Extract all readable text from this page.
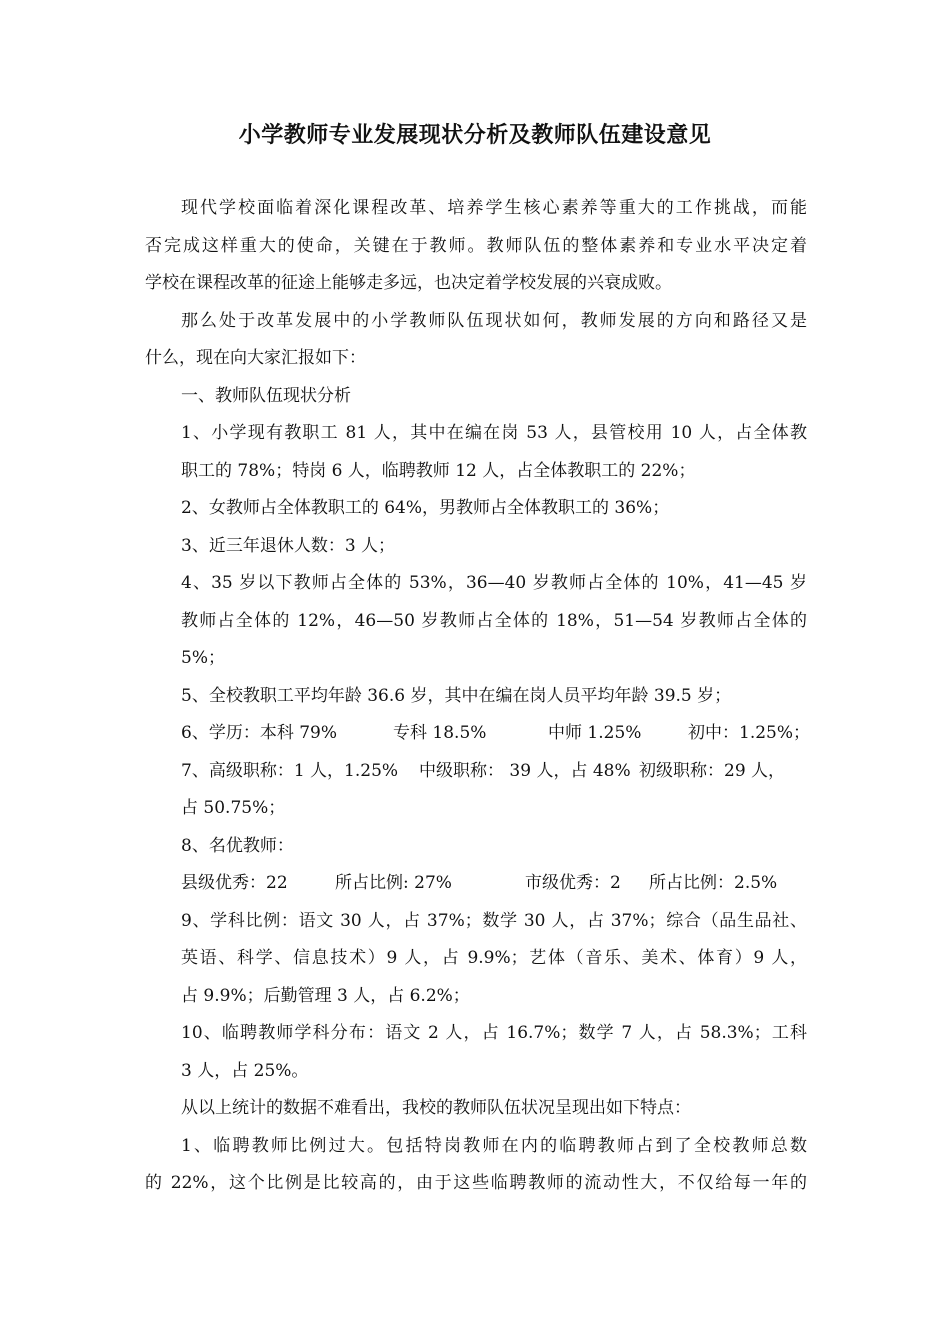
小学教师专业发展现状分析及教师队伍建设意见
现代学校面临着深化课程改革、培养学生核心素养等重大的工作挑战，而能
否完成这样重大的使命，关键在于教师。教师队伍的整体素养和专业水平决定着
学校在课程改革的征途上能够走多远，也决定着学校发展的兴衰成败。
那么处于改革发展中的小学教师队伍现状如何，教师发展的方向和路径又是
什么，现在向大家汇报如下：
一、教师队伍现状分析
1、小学现有教职工 81 人，其中在编在岗 53 人，县管校用 10 人，占全体教
职工的 78%；特岗 6 人，临聘教师 12 人，占全体教职工的 22%；
2、女教师占全体教职工的 64%，男教师占全体教职工的 36%；
3、近三年退休人数：3 人；
4、35 岁以下教师占全体的 53%，36—40 岁教师占全体的 10%，41—45 岁
教师占全体的 12%，46—50 岁教师占全体的 18%，51—54 岁教师占全体的
5%；
5、全校教职工平均年龄 36.6 岁，其中在编在岗人员平均年龄 39.5 岁；
6、学历：本科 79%	专科 18.5%	中师 1.25%	初中：1.25%；
7、高级职称：1 人，1.25% 中级职称： 39 人，占 48% 初级职称：29 人，
占 50.75%；
8、名优教师：
县级优秀：22	所占比例: 27%	市级优秀：2 所占比例：2.5%
9、学科比例：语文 30 人，占 37%；数学 30 人，占 37%；综合（品生品社、
英语、科学、信息技术）9 人，占 9.9%；艺体（音乐、美术、体育）9 人，
占 9.9%；后勤管理 3 人，占 6.2%；
10、临聘教师学科分布：语文 2 人，占 16.7%；数学 7 人，占 58.3%；工科
3 人，占 25%。
从以上统计的数据不难看出，我校的教师队伍状况呈现出如下特点：
1、临聘教师比例过大。包括特岗教师在内的临聘教师占到了全校教师总数
的 22%，这个比例是比较高的，由于这些临聘教师的流动性大，不仅给每一年的
